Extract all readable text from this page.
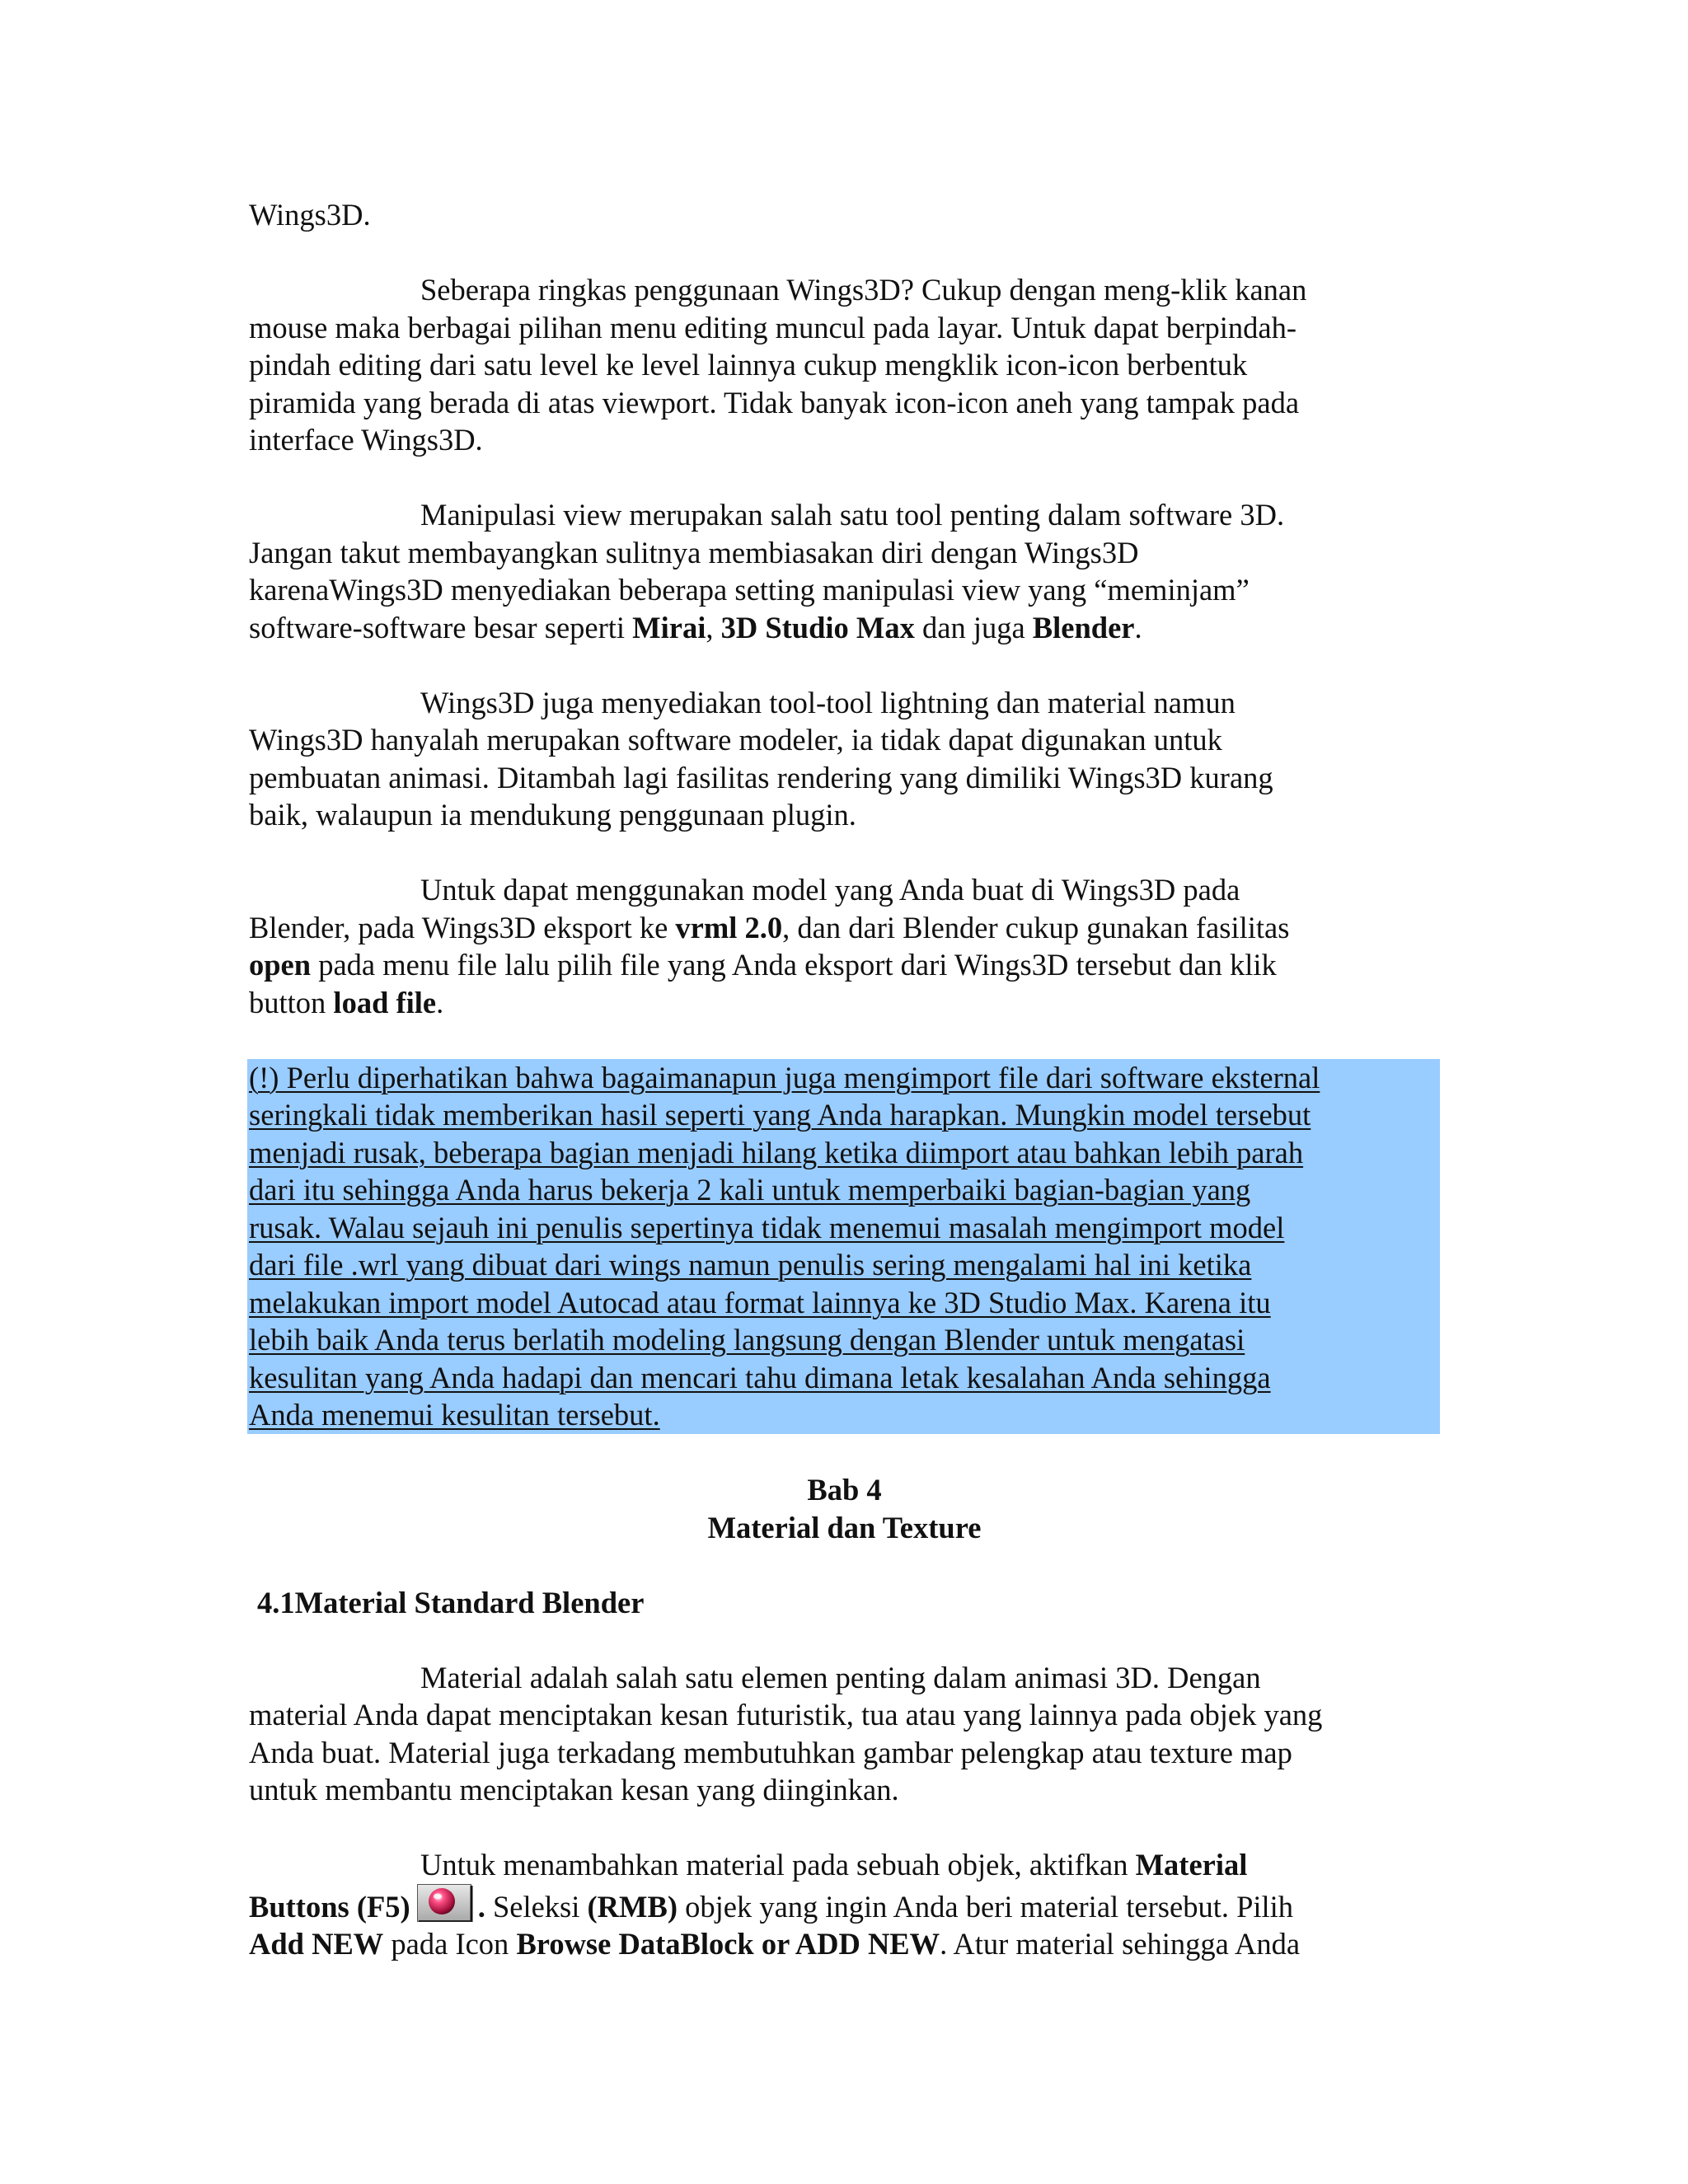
Wings3D.
Seberapa ringkas penggunaan Wings3D? Cukup dengan meng-klik kanan
mouse maka berbagai pilihan menu editing muncul pada layar. Untuk dapat berpindah-
pindah editing dari satu level ke level lainnya cukup mengklik icon-icon berbentuk
piramida yang berada di atas viewport. Tidak banyak icon-icon aneh yang tampak pada
interface Wings3D.
Manipulasi view merupakan salah satu tool penting dalam software 3D.
Jangan takut membayangkan sulitnya membiasakan diri dengan Wings3D
karenaWings3D menyediakan beberapa setting manipulasi view yang “meminjam”
software-software besar seperti Mirai, 3D Studio Max dan juga Blender.
Wings3D juga menyediakan tool-tool lightning dan material namun
Wings3D hanyalah merupakan software modeler, ia tidak dapat digunakan untuk
pembuatan animasi. Ditambah lagi fasilitas rendering yang dimiliki Wings3D kurang
baik, walaupun ia mendukung penggunaan plugin.
Untuk dapat menggunakan model yang Anda buat di Wings3D pada
Blender, pada Wings3D eksport ke vrml 2.0, dan dari Blender cukup gunakan fasilitas
open pada menu file lalu pilih file yang Anda eksport dari Wings3D tersebut dan klik
button load file.
(!) Perlu diperhatikan bahwa bagaimanapun juga mengimport file dari software eksternal
seringkali tidak memberikan hasil seperti yang Anda harapkan. Mungkin model tersebut
menjadi rusak, beberapa bagian menjadi hilang ketika diimport atau bahkan lebih parah
dari itu sehingga Anda harus bekerja 2 kali untuk memperbaiki bagian-bagian yang
rusak. Walau sejauh ini penulis sepertinya tidak menemui masalah mengimport model
dari file .wrl yang dibuat dari wings namun penulis sering mengalami hal ini ketika
melakukan import model Autocad atau format lainnya ke 3D Studio Max. Karena itu
lebih baik Anda terus berlatih modeling langsung dengan Blender untuk mengatasi
kesulitan yang Anda hadapi dan mencari tahu dimana letak kesalahan Anda sehingga
Anda menemui kesulitan tersebut.
Bab 4
Material dan Texture
4.1Material Standard Blender
Material adalah salah satu elemen penting dalam animasi 3D. Dengan
material Anda dapat menciptakan kesan futuristik, tua atau yang lainnya pada objek yang
Anda buat. Material juga terkadang membutuhkan gambar pelengkap atau texture map
untuk membantu menciptakan kesan yang diinginkan.
Untuk menambahkan material pada sebuah objek, aktifkan Material
Buttons (F5) . Seleksi (RMB) objek yang ingin Anda beri material tersebut. Pilih
Add NEW pada Icon Browse DataBlock or ADD NEW. Atur material sehingga Anda
